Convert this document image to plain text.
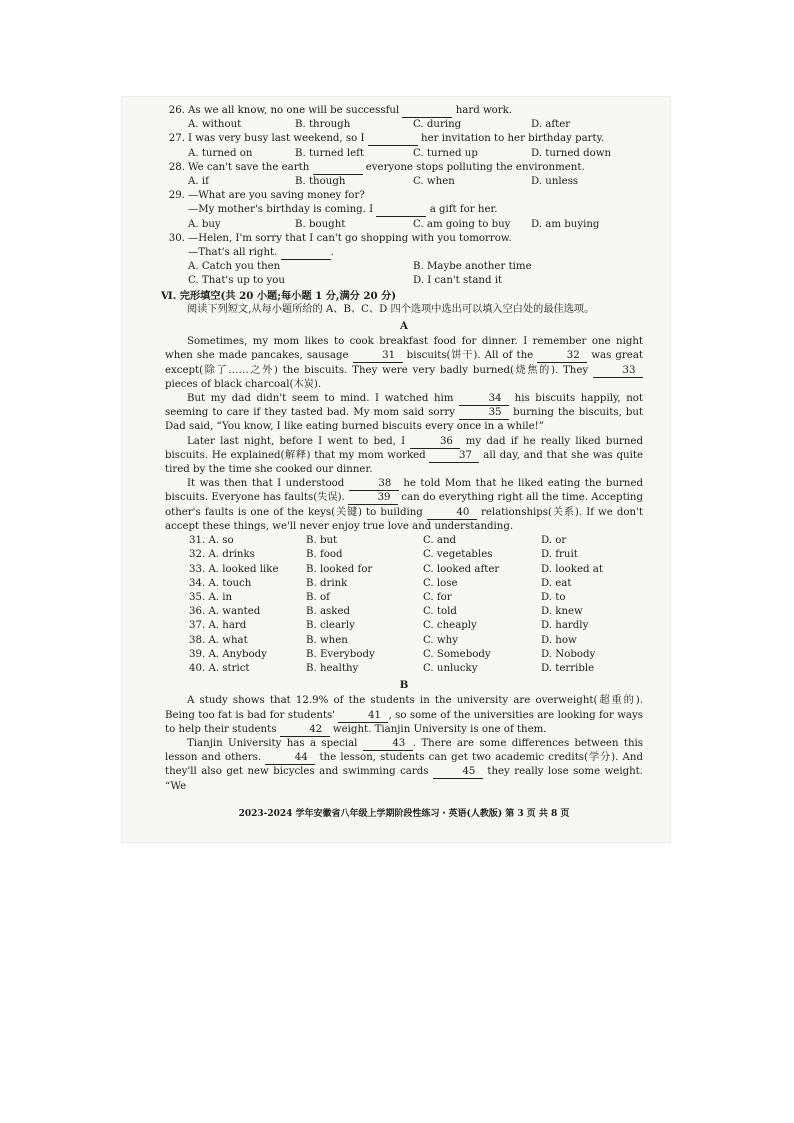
26. As we all know, no one will be successful	hard work.
A. without	B. through	C. during	D. after
27. I was very busy last weekend, so I	her invitation to her birthday party.
A. turned on	B. turned left	C. turned up	D. turned down
28. We can't save the earth	everyone stops polluting the environment.
A. if	B. though	C. when	D. unless
29. —What are you saving money for?
—My mother's birthday is coming. I	a gift for her.
A. buy	B. bought	C. am going to buy	D. am buying
30. —Helen, I'm sorry that I can't go shopping with you tomorrow.
—That's all right.	.
A. Catch you then	B. Maybe another time
C. That's up to you	D. I can't stand it
Ⅵ. 完形填空(共 20 小题;每小题 1 分,满分 20 分)
阅读下列短文,从每小题所给的 A、B、C、D 四个选项中选出可以填入空白处的最佳选项。
A
Sometimes, my mom likes to cook breakfast food for dinner. I remember one night when she made pancakes, sausage	31 biscuits(饼干). All of the	32 was great except(除了……之外) the biscuits. They were very badly burned(烧焦的). They	33 pieces of black charcoal(木炭).
But my dad didn't seem to mind. I watched him	34 his biscuits happily, not seeming to care if they tasted bad. My mom said sorry	35 burning the biscuits, but Dad said, “You know, I like eating burned biscuits every once in a while!”
Later last night, before I went to bed, I	36 my dad if he really liked burned biscuits. He explained(解释) that my mom worked	37 all day, and that she was quite tired by the time she cooked our dinner.
It was then that I understood	38 he told Mom that he liked eating the burned biscuits. Everyone has faults(失误).	39 can do everything right all the time. Accepting other's faults is one of the keys(关键) to building	40 relationships(关系). If we don't accept these things, we'll never enjoy true love and understanding.
31. A. so	B. but	C. and	D. or
32. A. drinks	B. food	C. vegetables	D. fruit
33. A. looked like	B. looked for	C. looked after	D. looked at
34. A. touch	B. drink	C. lose	D. eat
35. A. in	B. of	C. for	D. to
36. A. wanted	B. asked	C. told	D. knew
37. A. hard	B. clearly	C. cheaply	D. hardly
38. A. what	B. when	C. why	D. how
39. A. Anybody	B. Everybody	C. Somebody	D. Nobody
40. A. strict	B. healthy	C. unlucky	D. terrible
B
A study shows that 12.9% of the students in the university are overweight(超重的). Being too fat is bad for students'	41 , so some of the universities are looking for ways to help their students	42 weight. Tianjin University is one of them.
Tianjin University has a special	43 . There are some differences between this lesson and others.	44 the lesson, students can get two academic credits(学分). And they'll also get new bicycles and swimming cards	45 they really lose some weight. “We
2023-2024 学年安徽省八年级上学期阶段性练习・英语(人教版) 第 3 页 共 8 页
